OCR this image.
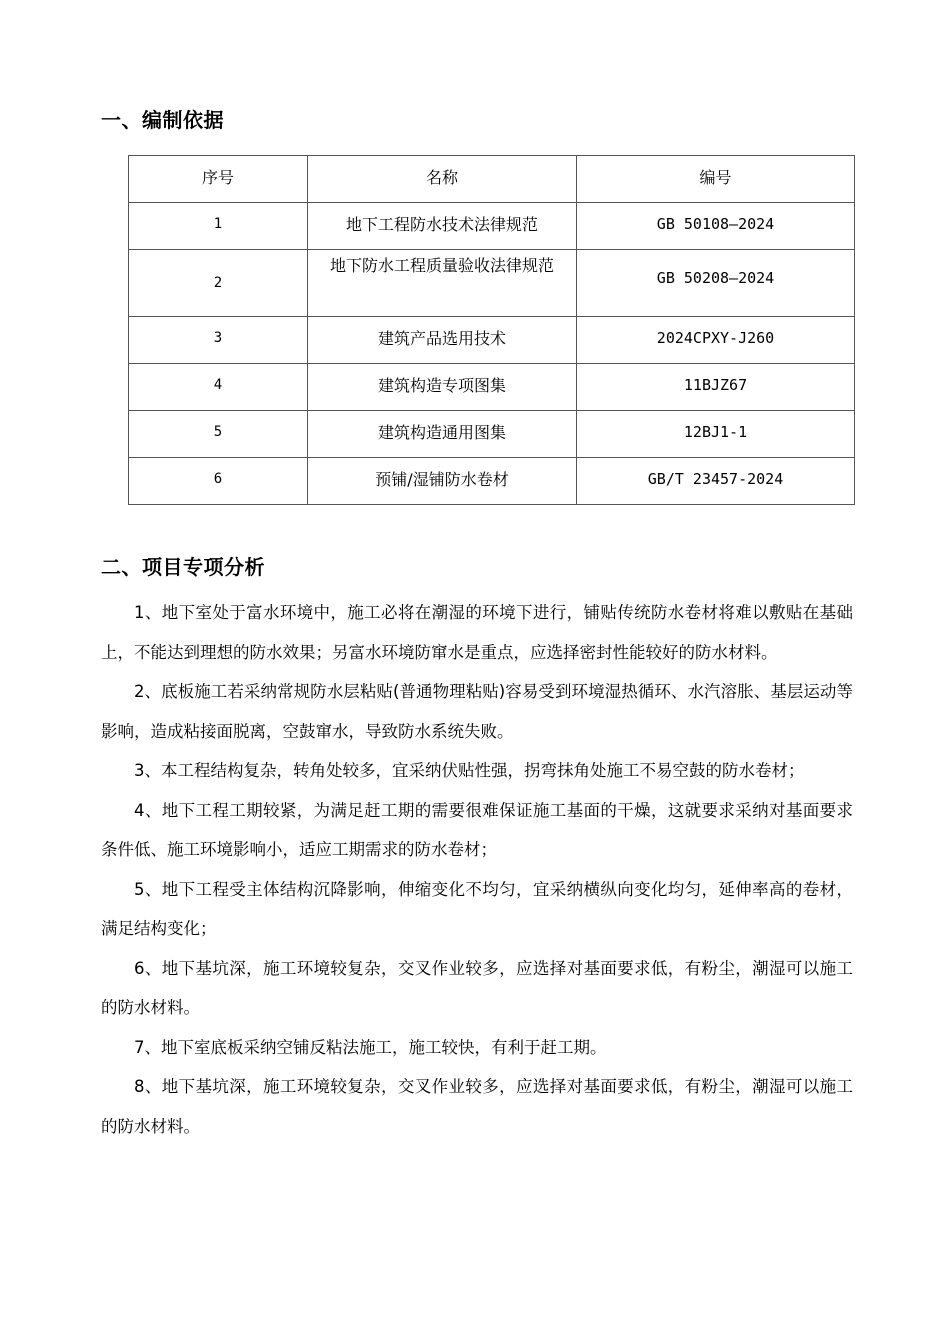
一、编制依据
序号	名称	编号
1	地下工程防水技术法律规范	GB 50108—2024
2	地下防水工程质量验收法律规范	GB 50208—2024
3	建筑产品选用技术	2024CPXY-J260
4	建筑构造专项图集	11BJZ67
5	建筑构造通用图集	12BJ1-1
6	预铺/湿铺防水卷材	GB/T 23457-2024
二、项目专项分析

1、地下室处于富水环境中，施工必将在潮湿的环境下进行，铺贴传统防水卷材将难以敷贴在基础上，不能达到理想的防水效果；另富水环境防窜水是重点，应选择密封性能较好的防水材料。

2、底板施工若采纳常规防水层粘贴(普通物理粘贴)容易受到环境湿热循环、水汽溶胀、基层运动等影响，造成粘接面脱离，空鼓窜水，导致防水系统失败。

3、本工程结构复杂，转角处较多，宜采纳伏贴性强，拐弯抹角处施工不易空鼓的防水卷材；

4、地下工程工期较紧，为满足赶工期的需要很难保证施工基面的干燥，这就要求采纳对基面要求条件低、施工环境影响小，适应工期需求的防水卷材；

5、地下工程受主体结构沉降影响，伸缩变化不均匀，宜采纳横纵向变化均匀，延伸率高的卷材，满足结构变化；

6、地下基坑深，施工环境较复杂，交叉作业较多，应选择对基面要求低，有粉尘，潮湿可以施工的防水材料。

7、地下室底板采纳空铺反粘法施工，施工较快，有利于赶工期。

8、地下基坑深，施工环境较复杂，交叉作业较多，应选择对基面要求低，有粉尘，潮湿可以施工的防水材料。
